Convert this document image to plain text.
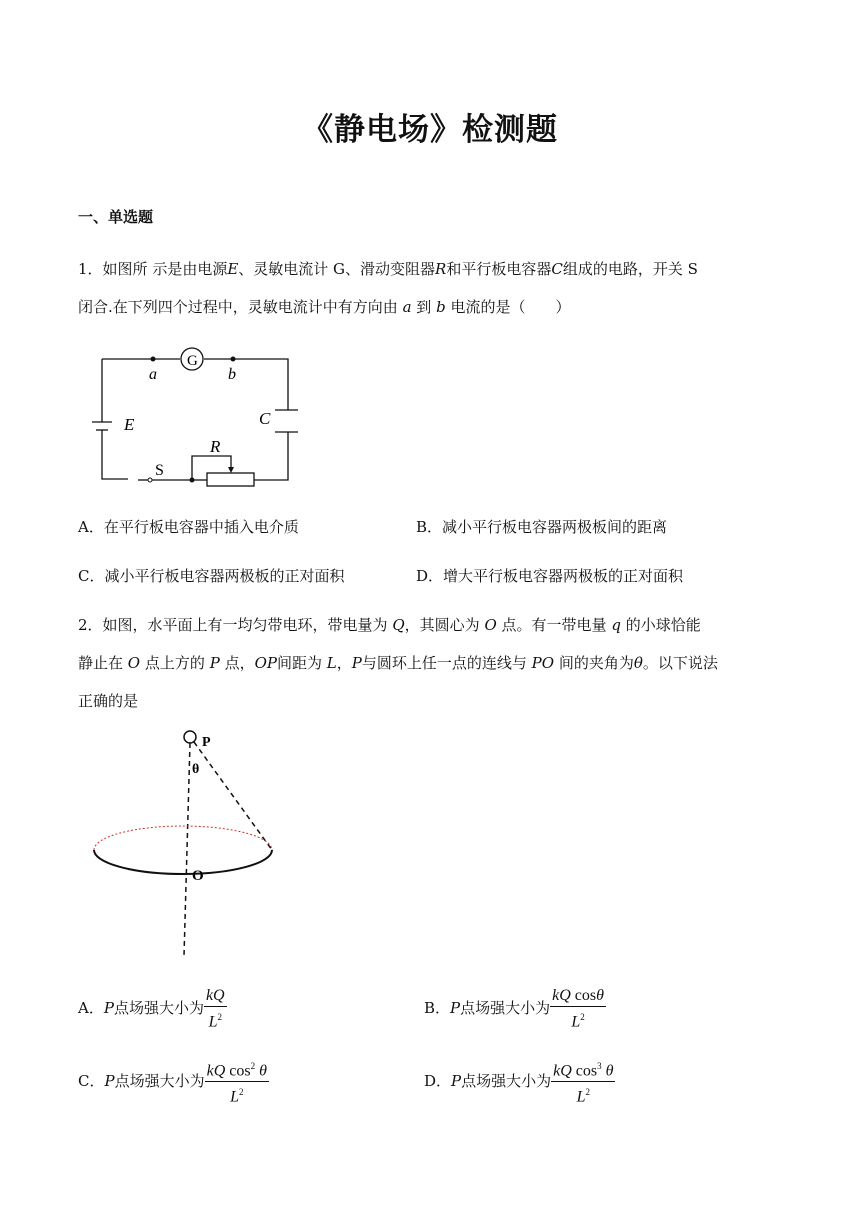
《静电场》检测题
一、单选题
1．如图所 示是由电源E、灵敏电流计 G、滑动变阻器R和平行板电容器C组成的电路，开关 S
闭合.在下列四个过程中，灵敏电流计中有方向由 a 到 b 电流的是（　　）
G
a	b
E	C
R
S
A．在平行板电容器中插入电介质	B．减小平行板电容器两极板间的距离
C．减小平行板电容器两极板的正对面积	D．增大平行板电容器两极板的正对面积
2．如图，水平面上有一均匀带电环，带电量为 Q，其圆心为 O 点。有一带电量 q 的小球恰能
静止在 O 点上方的 P 点，OP间距为 L，P与圆环上任一点的连线与 PO 间的夹角为θ。以下说法
正确的是
P
θ
O
A．P点场强大小为 $\frac{kQ}{L^2}$	B．P点场强大小为 $\frac{\text{kQ cosθ}}{L^2}$
C．P点场强大小为 $\frac{kQ \cos^2 \theta}{L^2}$	D．P点场强大小为 $\frac{kQ \cos^3 \theta}{L^2}$
